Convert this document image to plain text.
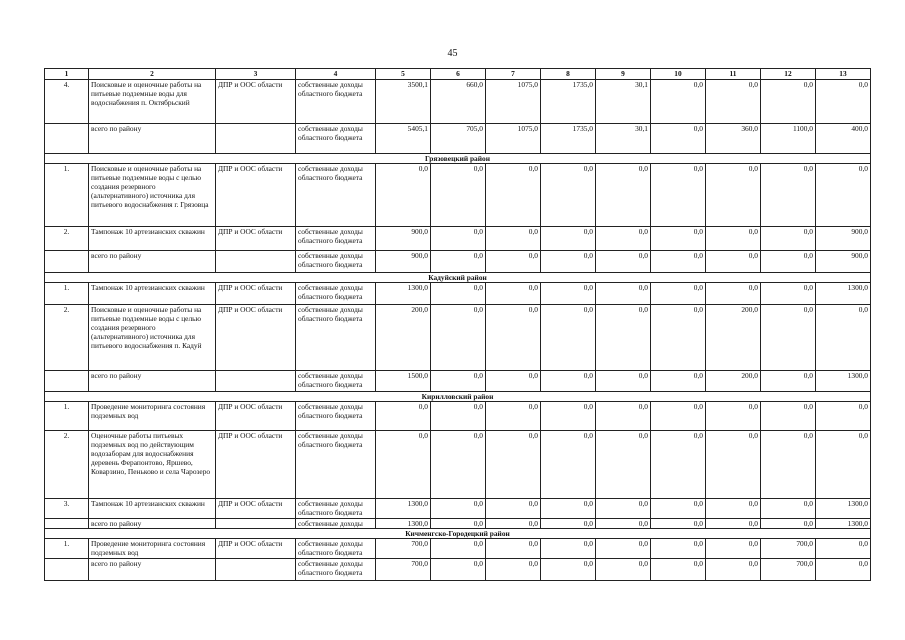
45
1	2	3	4	5	6	7	8	9	10	11	12	13
4.	Поисковые и оценочные работы на питьевые подземные воды для водоснабжения п. Октябрьский	ДПР и ООС области	собственные доходы областного бюджета	3500,1	660,0	1075,0	1735,0	30,1	0,0	0,0	0,0	0,0
	всего по району		собственные доходы областного бюджета	5405,1	705,0	1075,0	1735,0	30,1	0,0	360,0	1100,0	400,0
Грязовецкий район												
1.	Поисковые и оценочные работы на питьевые подземные воды с целью создания резервного (альтернативного) источника для питьевого водоснабжения г. Грязовца	ДПР и ООС области	собственные доходы областного бюджета	0,0	0,0	0,0	0,0	0,0	0,0	0,0	0,0	0,0
2.	Тампонаж 10 артезианских скважин	ДПР и ООС области	собственные доходы областного бюджета	900,0	0,0	0,0	0,0	0,0	0,0	0,0	0,0	900,0
	всего по району		собственные доходы областного бюджета	900,0	0,0	0,0	0,0	0,0	0,0	0,0	0,0	900,0
Кадуйский район												
1.	Тампонаж 10 артезианских скважин	ДПР и ООС области	собственные доходы областного бюджета	1300,0	0,0	0,0	0,0	0,0	0,0	0,0	0,0	1300,0
2.	Поисковые и оценочные работы на питьевые подземные воды с целью создания резервного (альтернативного) источника для питьевого водоснабжения п. Кадуй	ДПР и ООС области	собственные доходы областного бюджета	200,0	0,0	0,0	0,0	0,0	0,0	200,0	0,0	0,0
	всего по району		собственные доходы областного бюджета	1500,0	0,0	0,0	0,0	0,0	0,0	200,0	0,0	1300,0
Кирилловский район												
1.	Проведение мониторинга состояния подземных вод	ДПР и ООС области	собственные доходы областного бюджета	0,0	0,0	0,0	0,0	0,0	0,0	0,0	0,0	0,0
2.	Оценочные работы питьевых подземных вод по действующим водозаборам для водоснабжения деревень Ферапонтово, Яршево, Коварзино, Пеньково и села Чарозеро	ДПР и ООС области	собственные доходы областного бюджета	0,0	0,0	0,0	0,0	0,0	0,0	0,0	0,0	0,0
3.	Тампонаж 10 артезианских скважин	ДПР и ООС области	собственные доходы областного бюджета	1300,0	0,0	0,0	0,0	0,0	0,0	0,0	0,0	1300,0
	всего по району		собственные доходы	1300,0	0,0	0,0	0,0	0,0	0,0	0,0	0,0	1300,0
Кичменгско-Городецкий район												
1.	Проведение мониторинга состояния подземных вод	ДПР и ООС области	собственные доходы областного бюджета	700,0	0,0	0,0	0,0	0,0	0,0	0,0	700,0	0,0
	всего по району		собственные доходы областного бюджета	700,0	0,0	0,0	0,0	0,0	0,0	0,0	700,0	0,0
